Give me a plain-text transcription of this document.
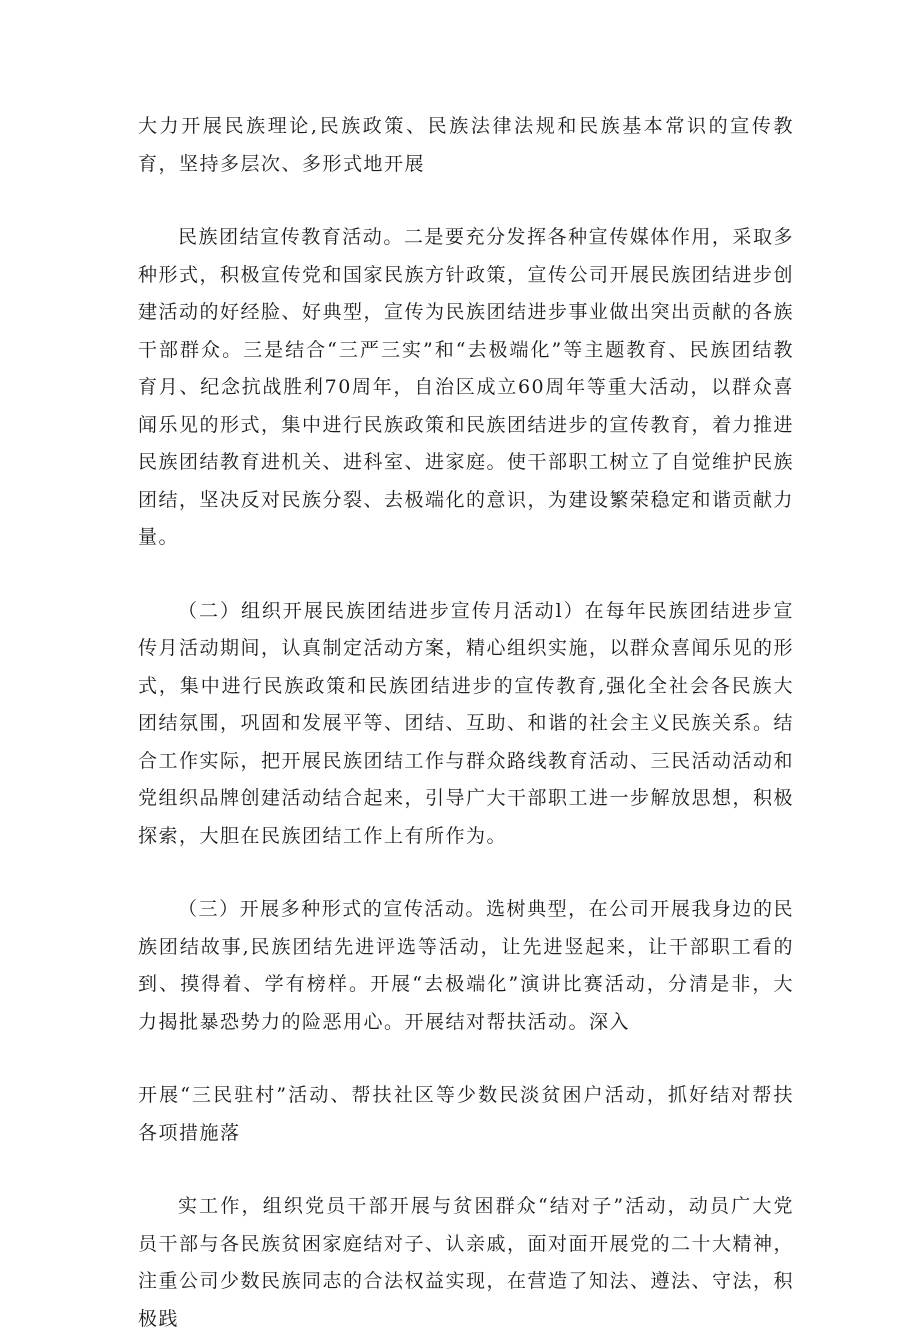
大力开展民族理论,民族政策、民族法律法规和民族基本常识的宣传教育，坚持多层次、多形式地开展

民族团结宣传教育活动。二是要充分发挥各种宣传媒体作用，采取多种形式，积极宣传党和国家民族方针政策，宣传公司开展民族团结进步创建活动的好经脸、好典型，宣传为民族团结进步事业做出突出贡献的各族干部群众。三是结合“三严三实”和“去极端化”等主题教育、民族团结教育月、纪念抗战胜利70周年，自治区成立60周年等重大活动，以群众喜闻乐见的形式，集中进行民族政策和民族团结进步的宣传教育，着力推进民族团结教育进机关、进科室、进家庭。使干部职工树立了自觉维护民族团结，坚决反对民族分裂、去极端化的意识，为建设繁荣稳定和谐贡献力量。

（二）组织开展民族团结进步宣传月活动l）在每年民族团结进步宣传月活动期间，认真制定活动方案，精心组织实施，以群众喜闻乐见的形式，集中进行民族政策和民族团结进步的宣传教育,强化全社会各民族大团结氛围，巩固和发展平等、团结、互助、和谐的社会主义民族关系。结合工作实际，把开展民族团结工作与群众路线教育活动、三民活动活动和党组织品牌创建活动结合起来，引导广大干部职工进一步解放思想，积极探索，大胆在民族团结工作上有所作为。

（三）开展多种形式的宣传活动。选树典型，在公司开展我身边的民族团结故事,民族团结先进评选等活动，让先进竖起来，让干部职工看的到、摸得着、学有榜样。开展“去极端化”演讲比赛活动，分清是非，大力揭批暴恐势力的险恶用心。开展结对帮扶活动。深入

开展“三民驻村”活动、帮扶社区等少数民淡贫困户活动，抓好结对帮扶各项措施落

实工作，组织党员干部开展与贫困群众“结对子”活动，动员广大党员干部与各民族贫困家庭结对子、认亲戚，面对面开展党的二十大精神，注重公司少数民族同志的合法权益实现，在营造了知法、遵法、守法，积极践
